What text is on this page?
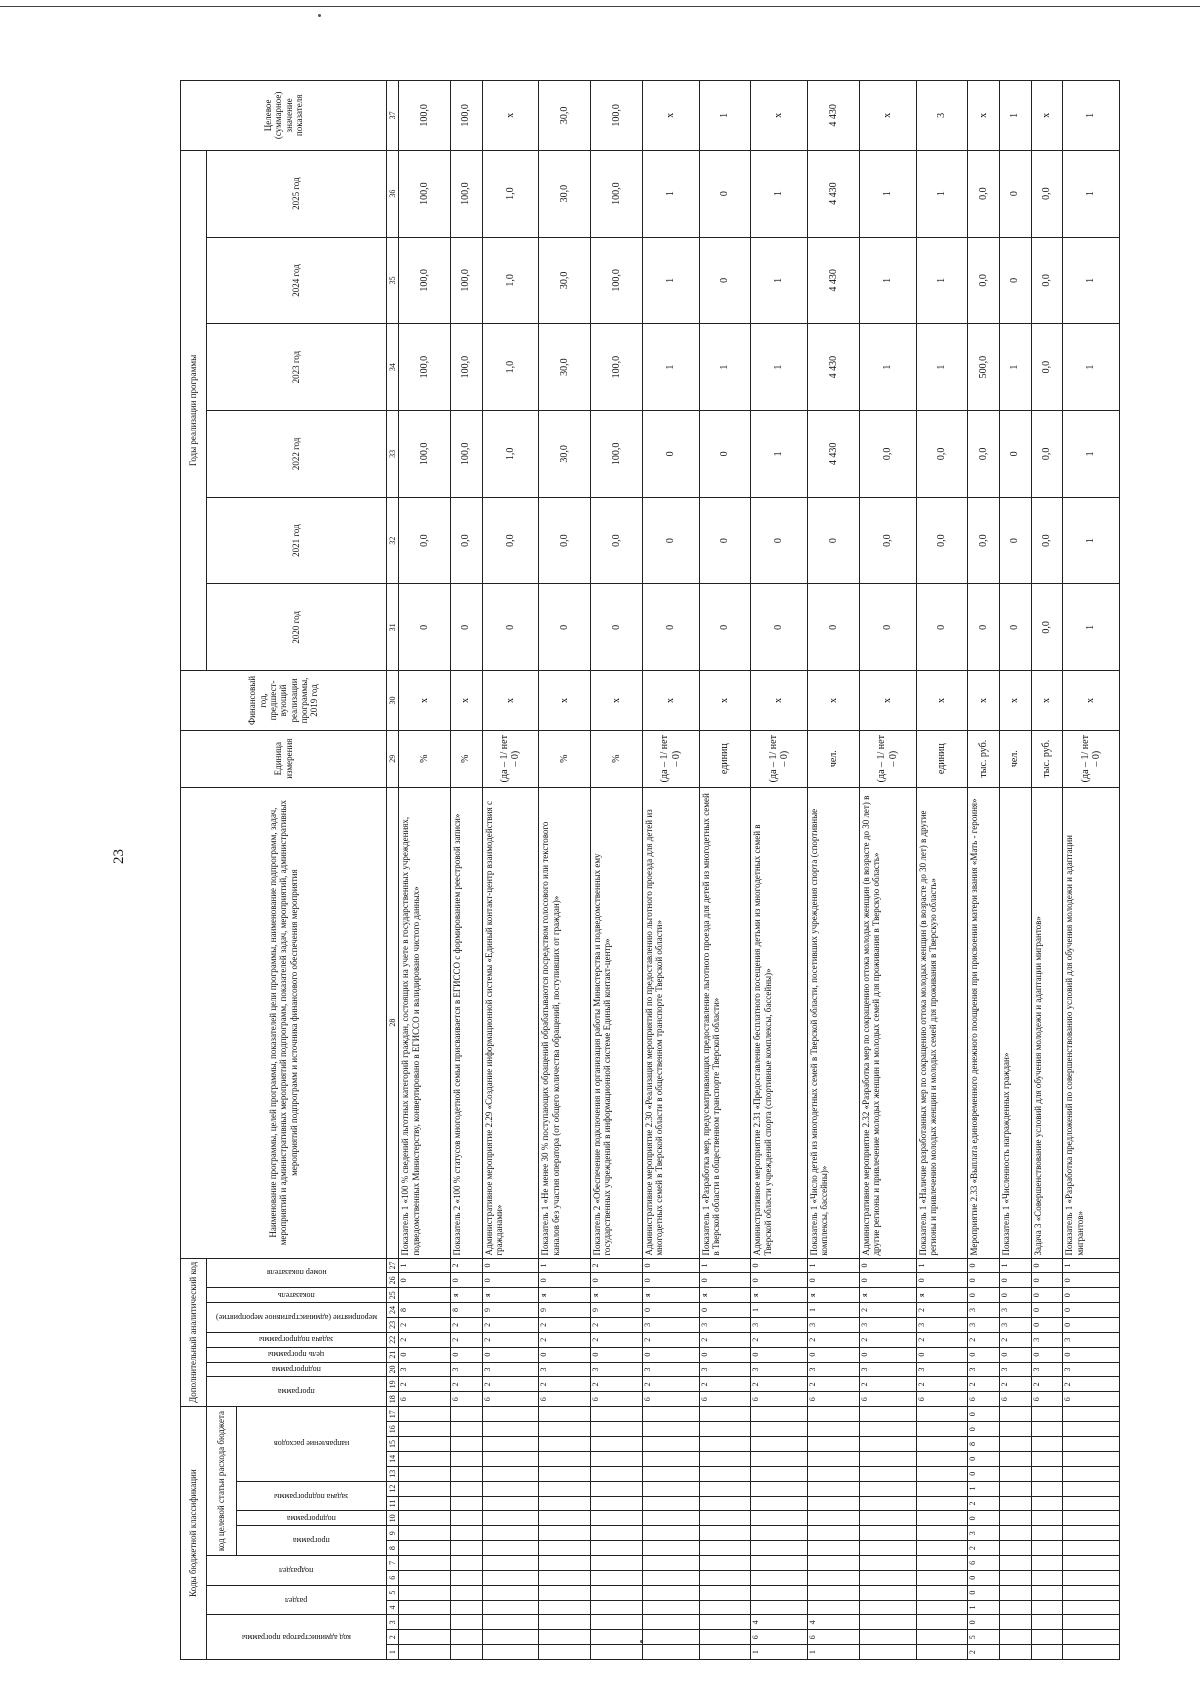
23
Коды бюджетной классификации																	Дополнительный аналитический код										Наименование программы, целей программы, показателей цели программы, наименование подпрограмм, задач, мероприятий и административных мероприятий подпрограмм, показателей задач, мероприятий, административных мероприятий подпрограмм и источника финансового обеспечения мероприятия	Единица измерения	Финансовый год, предшест-вующий реализации программы, 2019 год	Годы реализации программы						Целевое (суммарное) значение показателя

код администратора программы			раздел		подраздел		код целевой статьи расхода бюджета										программа		подпрограмма	цель программы	задача подпрограммы	мероприятие (административное мероприятие)		показатель	номер показателя					2020 год	2021 год	2022 год	2023 год	2024 год	2025 год	

							программа		подпрограмма	задача подпрограммы		направление расходов																								

1	2	3	4	5	6	7	8	9	10	11	12	13	14	15	16	17	18	19	20	21	22	23	24	25	26	27	28	29	30	31	32	33	34	35	36	37
																	6	2	3	0	2	2	8		0	1	Показатель 1 «100 % сведений льготных категорий граждан, состоящих на учете в государственных учреждениях, подведомственных Министерству, конвертировано в ЕГИССО и валидировано чистого данных»	%	х	0	0,0	100,0	100,0	100,0	100,0	100,0
																	6	2	3	0	2	2	8	я	0	2	Показатель 2 «100 % статусов многодетной семьи присваивается в ЕГИССО с формированием реестровой записи»	%	х	0	0,0	100,0	100,0	100,0	100,0	100,0
																	6	2	3	0	2	2	9	я	0	0	Административное мероприятие 2.29 «Создание информационной системы «Единый контакт-центр взаимодействия с гражданами»	(да – 1/ нет – 0)	х	0	0,0	1,0	1,0	1,0	1,0	х
																	6	2	3	0	2	2	9	я	0	1	Показатель 1 «Не менее 30 % поступающих обращений обрабатываются посредством голосового или текстового каналов без участия оператора (от общего количества обращений, поступивших от граждан)»	%	х	0	0,0	30,0	30,0	30,0	30,0	30,0
																	6	2	3	0	2	2	9	я	0	2	Показатель 2 «Обеспечение подключения и организация работы Министерства и подведомственных ему государственных учреждений в информационной системе Единый контакт-центр»	%	х	0	0,0	100,0	100,0	100,0	100,0	100,0
																	6	2	3	0	2	3	0	я	0	0	Административное мероприятие 2.30 «Реализация мероприятий по предоставлению льготного проезда для детей из многодетных семей в Тверской области в общественном транспорте Тверской области»	(да – 1/ нет – 0)	х	0	0	0	1	1	1	х
																	6	2	3	0	2	3	0	я	0	1	Показатель 1 «Разработка мер, предусматривающих предоставление льготного проезда для детей из многодетных семей в Тверской области в общественном транспорте Тверской области»	единиц	х	0	0	0	1	0	0	1
1	6	4															6	2	3	0	2	3	1	я	0	0	Административное мероприятие 2.31 «Предоставление бесплатного посещения детьми из многодетных семей в Тверской области учреждений спорта (спортивные комплексы, бассейны)»	(да – 1/ нет – 0)	х	0	0	1	1	1	1	х
1	6	4															6	2	3	0	2	3	1	я	0	1	Показатель 1 «Число детей из многодетных семей в Тверской области, посетивших учреждения спорта (спортивные комплексы, бассейны)»	чел.	х	0	0	4 430	4 430	4 430	4 430	4 430
																	6	2	3	0	2	3	2	я	0	0	Административное мероприятие 2.32 «Разработка мер по сокращению оттока молодых женщин (в возрасте до 30 лет) в другие регионы и привлечение молодых женщин и молодых семей для проживания в Тверскую область»	(да – 1/ нет – 0)	х	0	0,0	0,0	1	1	1	х
																	6	2	3	0	2	3	2	я	0	1	Показатель 1 «Наличие разработанных мер по сокращению оттока молодых женщин (в возрасте до 30 лет) в другие регионы и привлечению молодых женщин и молодых семей для проживания в Тверскую область»	единиц	х	0	0,0	0,0	1	1	1	3
2	5	0	1	0	0	6	2	3	0	2	1	0	0	8	0	0	6	2	3	0	2	3	3	0	0	0	Мероприятие 2.33 «Выплата единовременного денежного поощрения при присвоении матери звания «Мать - героиня»	тыс. руб.	х	0	0,0	0,0	500,0	0,0	0,0	х
																	6	2	3	0	2	3	3	0	0	1	Показатель 1 «Численность награжденных граждан»	чел.	х	0	0	0	1	0	0	1
																	6	2	3	0	3	0	0	0	0	0	Задача 3 «Совершенствование условий для обучения молодежи и адаптации мигрантов»	тыс. руб.	х	0,0	0,0	0,0	0,0	0,0	0,0	х
																	6	2	3	0	3	0	0	0	0	1	Показатель 1 «Разработка предложений по совершенствованию условий для обучения молодежи и адаптации мигрантов»	(да – 1/ нет – 0)	х	1	1	1	1	1	1	1
